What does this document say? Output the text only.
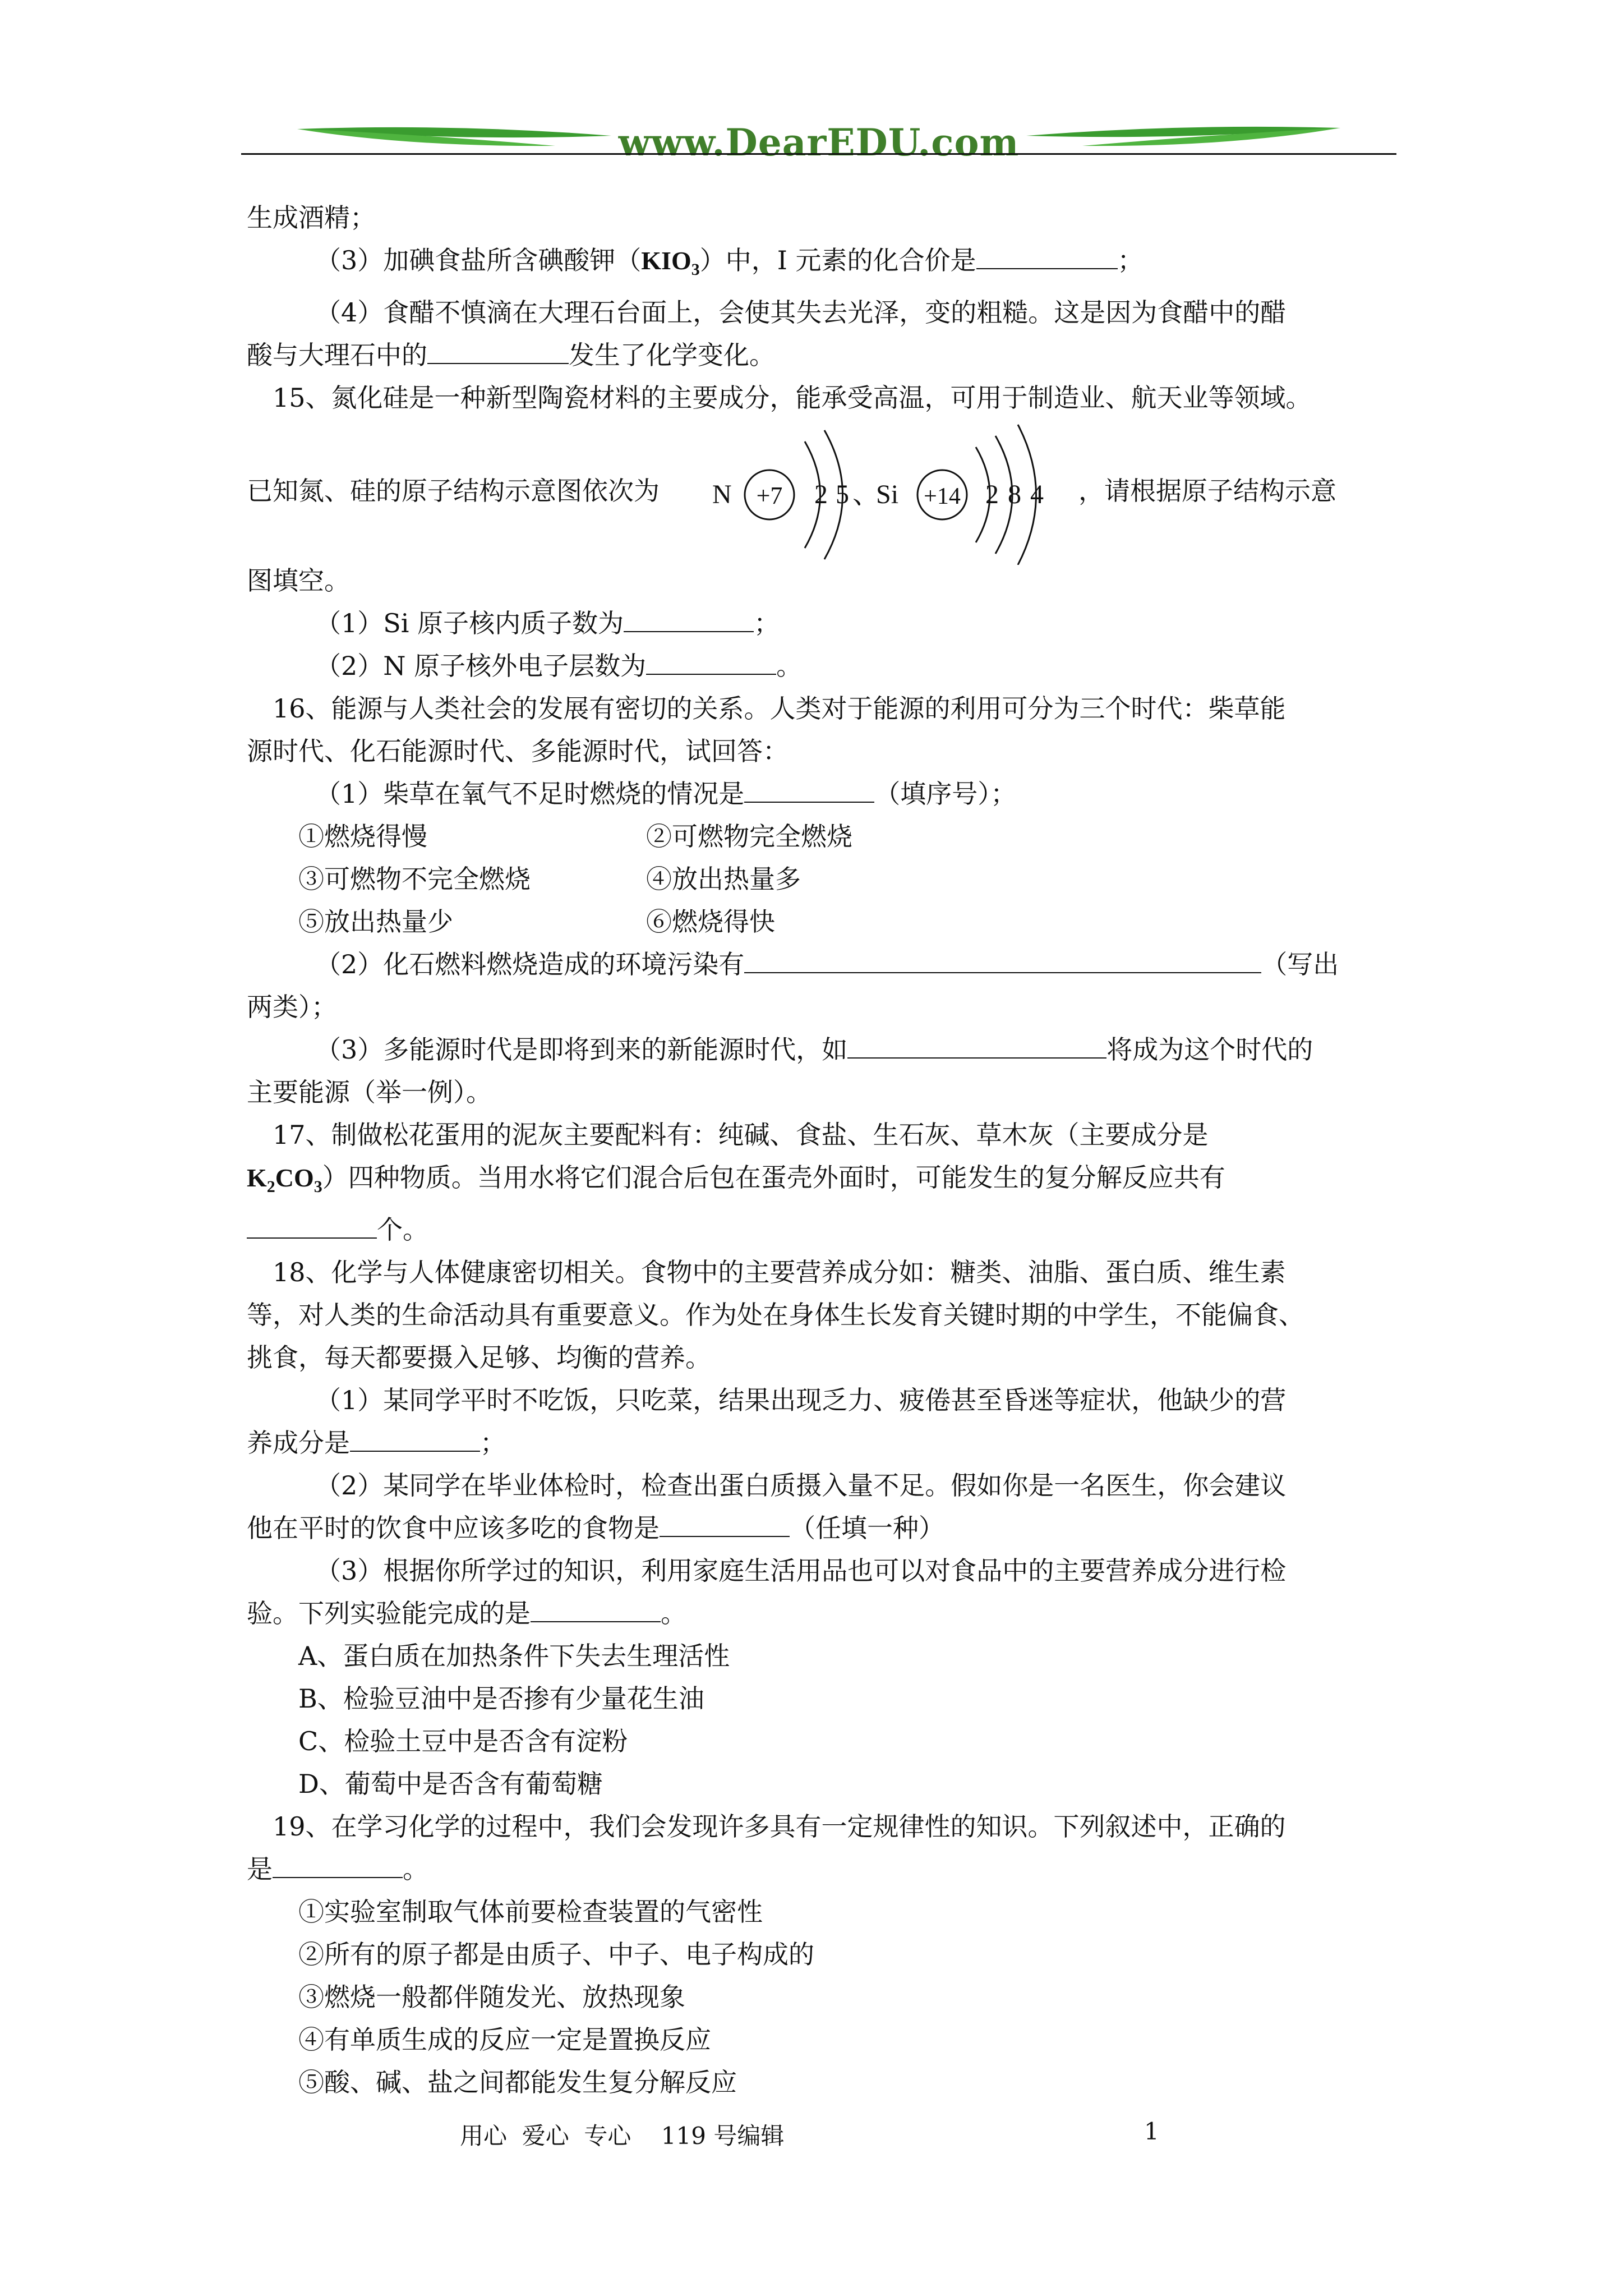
www.DearEDU.com

生成酒精；

（3）加碘食盐所含碘酸钾$(KIO_3)$中，I 元素的化合价是	；

（4）食醋不慎滴在大理石台面上，会使其失去光泽，变的粗糙。这是因为食醋中的醋

酸与大理石中的	发生了化学变化。

15、氮化硅是一种新型陶瓷材料的主要成分，能承受高温，可用于制造业、航天业等领域。

已知氮、硅的原子结构示意图依次为 N +7 2 5 、
Si +14 2 8 4 ，请根据原子结构示意

图填空。

（1）Si 原子核内质子数为	；

（2）N 原子核外电子层数为	。

16、能源与人类社会的发展有密切的关系。人类对于能源的利用可分为三个时代：柴草能

源时代、化石能源时代、多能源时代，试回答：

（1）柴草在氧气不足时燃烧的情况是	（填序号）；

①燃烧得慢	②可燃物完全燃烧
③可燃物不完全燃烧	④放出热量多
⑤放出热量少	⑥燃烧得快

（2）化石燃料燃烧造成的环境污染有	（写出

两类）；

（3）多能源时代是即将到来的新能源时代，如	将成为这个时代的

主要能源（举一例）。

17、制做松花蛋用的泥灰主要配料有：纯碱、食盐、生石灰、草木灰（主要成分是

$K_2CO_3$）四种物质。当用水将它们混合后包在蛋壳外面时，可能发生的复分解反应共有

个。

18、化学与人体健康密切相关。食物中的主要营养成分如：糖类、油脂、蛋白质、维生素

等，对人类的生命活动具有重要意义。作为处在身体生长发育关键时期的中学生，不能偏食、

挑食，每天都要摄入足够、均衡的营养。

（1）某同学平时不吃饭，只吃菜，结果出现乏力、疲倦甚至昏迷等症状，他缺少的营

养成分是	；

（2）某同学在毕业体检时，检查出蛋白质摄入量不足。假如你是一名医生，你会建议

他在平时的饮食中应该多吃的食物是	（任填一种）

（3）根据你所学过的知识，利用家庭生活用品也可以对食品中的主要营养成分进行检

验。下列实验能完成的是	。

A、蛋白质在加热条件下失去生理活性

B、检验豆油中是否掺有少量花生油

C、检验土豆中是否含有淀粉

D、葡萄中是否含有葡萄糖

19、在学习化学的过程中，我们会发现许多具有一定规律性的知识。下列叙述中，正确的

是	。

①实验室制取气体前要检查装置的气密性

②所有的原子都是由质子、中子、电子构成的

③燃烧一般都伴随发光、放热现象

④有单质生成的反应一定是置换反应

⑤酸、碱、盐之间都能发生复分解反应

用心  爱心  专心    119 号编辑	1
